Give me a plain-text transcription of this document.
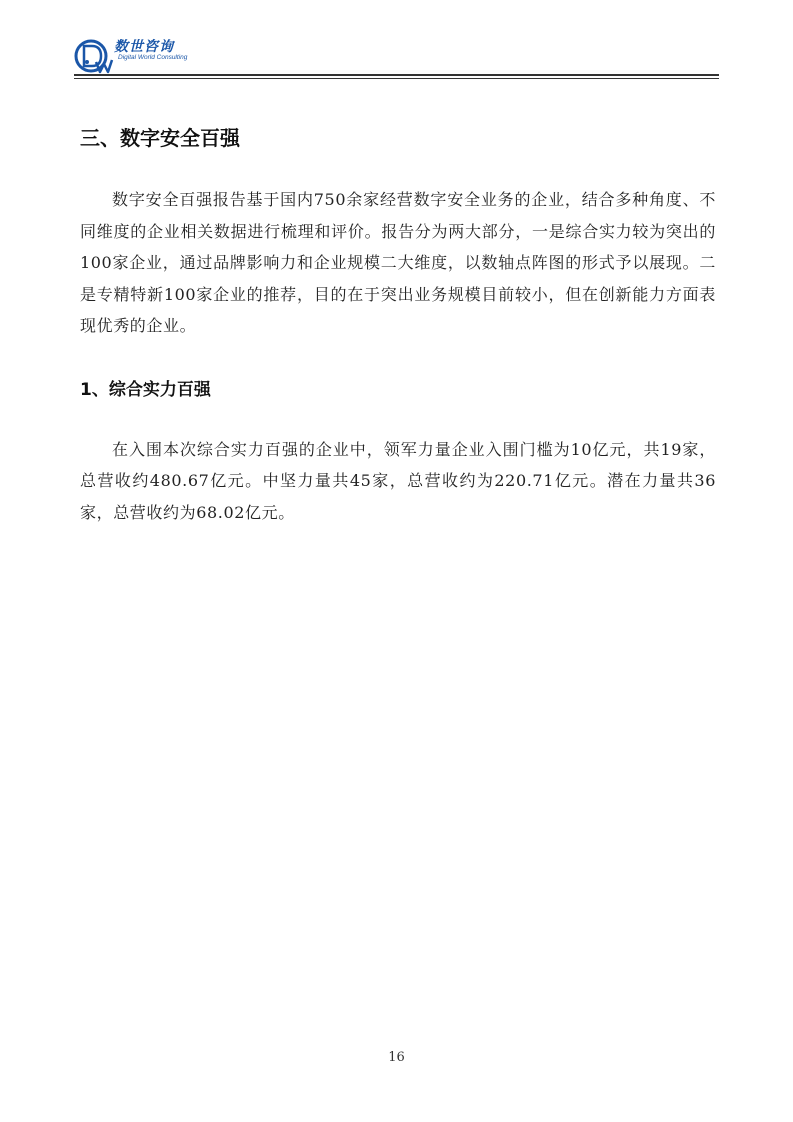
数世咨询
Digital World Consulting
三、数字安全百强

数字安全百强报告基于国内750余家经营数字安全业务的企业，结合多种角度、不同维度的企业相关数据进行梳理和评价。报告分为两大部分，一是综合实力较为突出的100家企业，通过品牌影响力和企业规模二大维度，以数轴点阵图的形式予以展现。二是专精特新100家企业的推荐，目的在于突出业务规模目前较小，但在创新能力方面表现优秀的企业。

1、综合实力百强

在入围本次综合实力百强的企业中，领军力量企业入围门槛为10亿元，共19家，总营收约480.67亿元。中坚力量共45家，总营收约为220.71亿元。潜在力量共36家，总营收约为68.02亿元。

16
